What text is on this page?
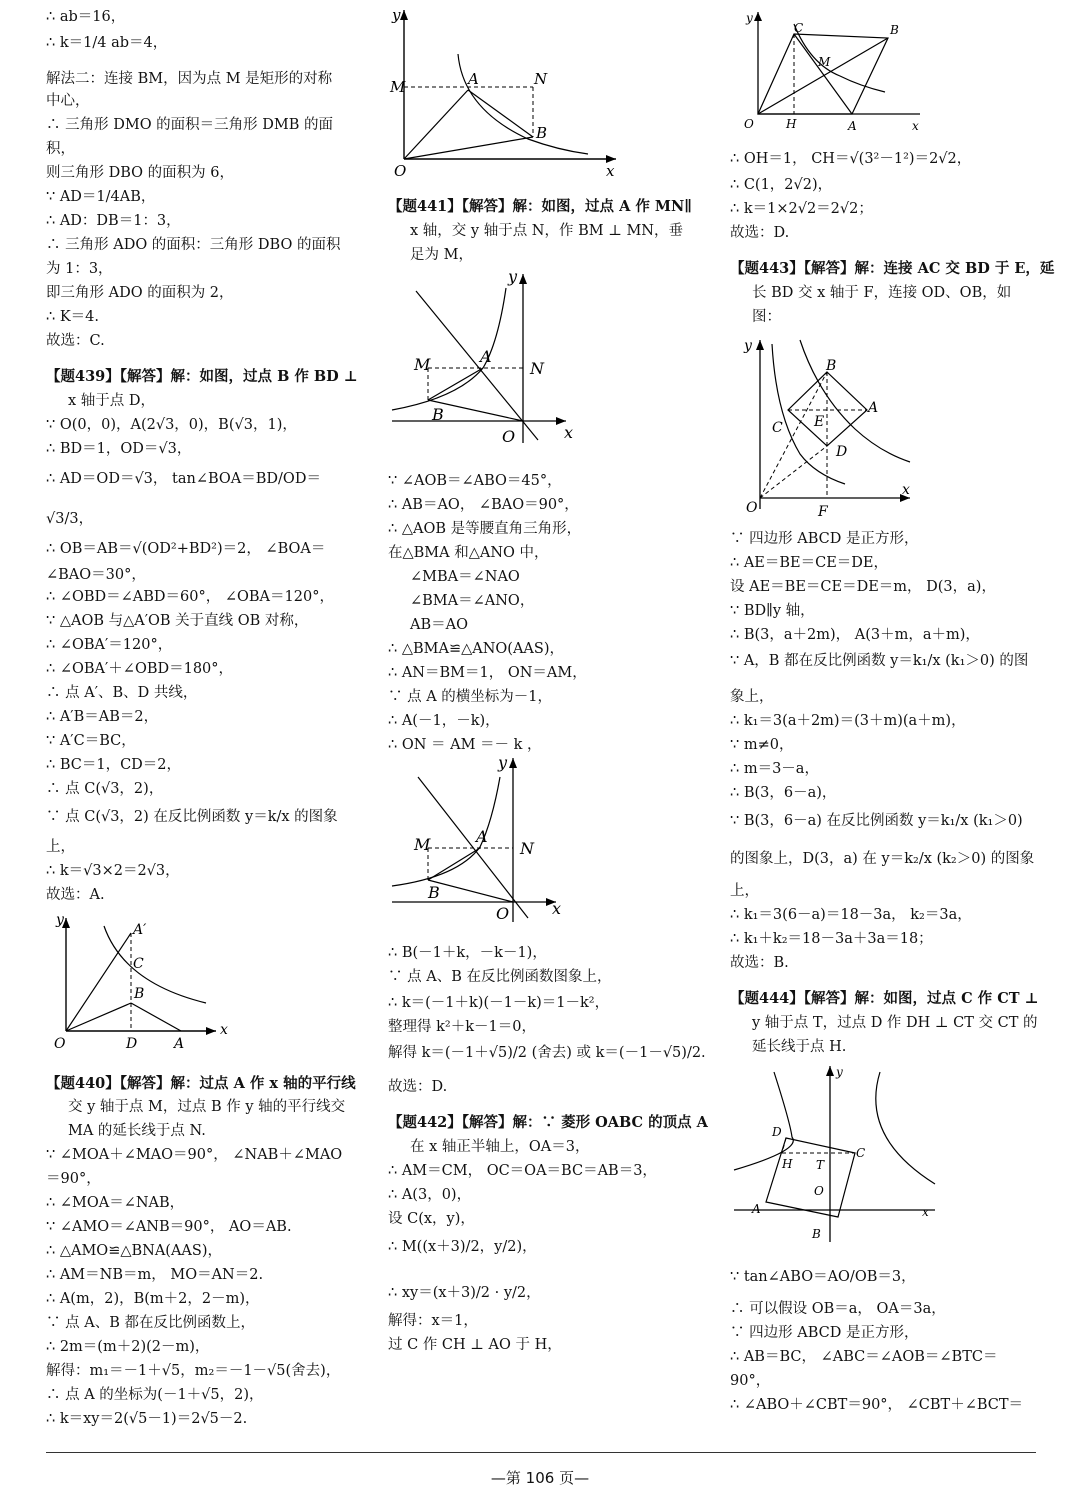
∴ ab＝16，
∴ k＝1/4 ab＝4，
解法二：连接 BM，因为点 M 是矩形的对称
中心，
∴ 三角形 DMO 的面积＝三角形 DMB 的面
积，
则三角形 DBO 的面积为 6，
∵ AD＝1/4AB，
∴ AD：DB＝1：3，
∴ 三角形 ADO 的面积：三角形 DBO 的面积
为 1：3，
即三角形 ADO 的面积为 2，
∴ K＝4.
故选：C.
【题439】【解答】解：如图，过点 B 作 BD ⊥
x 轴于点 D，
∵ O(0，0)，A(2√3，0)，B(√3，1)，
∴ BD＝1，OD＝√3，
∴ AD＝OD＝√3， tan∠BOA＝BD/OD＝
√3/3，
∴ OB＝AB＝√(OD²+BD²)＝2， ∠BOA＝
∠BAO＝30°，
∴ ∠OBD＝∠ABD＝60°， ∠OBA＝120°，
∵ △AOB 与△A′OB 关于直线 OB 对称，
∴ ∠OBA′＝120°，
∴ ∠OBA′＋∠OBD＝180°，
∴ 点 A′、B、D 共线，
∴ A′B＝AB＝2，
∵ A′C＝BC，
∴ BC＝1，CD＝2，
∴ 点 C(√3，2)，
∵ 点 C(√3，2) 在反比例函数 y＝k/x 的图象
上，
∴ k＝√3×2＝2√3，
故选：A.
【题440】【解答】解：过点 A 作 x 轴的平行线
交 y 轴于点 M，过点 B 作 y 轴的平行线交
MA 的延长线于点 N.
∵ ∠MOA＋∠MAO＝90°， ∠NAB＋∠MAO
＝90°，
∴ ∠MOA＝∠NAB，
∵ ∠AMO＝∠ANB＝90°， AO＝AB.
∴ △AMO≌△BNA(AAS)，
∴ AM＝NB＝m， MO＝AN＝2.
∴ A(m，2)，B(m＋2，2－m)，
∵ 点 A、B 都在反比例函数上，
∴ 2m＝(m＋2)(2－m)，
解得：m₁＝－1＋√5，m₂＝－1－√5(舍去)，
∴ 点 A 的坐标为(－1＋√5，2)，
∴ k＝xy＝2(√5－1)＝2√5－2.
【题441】【解答】解：如图，过点 A 作 MN∥
x 轴，交 y 轴于点 N，作 BM ⊥ MN，垂
足为 M，
∵ ∠AOB＝∠ABO＝45°，
∴ AB＝AO， ∠BAO＝90°，
∴ △AOB 是等腰直角三角形，
在△BMA 和△ANO 中，
∠MBA＝∠NAO
∠BMA＝∠ANO，
AB＝AO
∴ △BMA≌△ANO(AAS)，
∴ AN＝BM＝1， ON＝AM，
∵ 点 A 的横坐标为－1，
∴ A(－1，－k)，
∴ ON ＝ AM ＝－ k ，
∴ B(－1＋k，－k－1)，
∵ 点 A、B 在反比例函数图象上，
∴ k＝(－1＋k)(－1－k)＝1－k²，
整理得 k²＋k－1＝0，
解得 k＝(－1＋√5)/2 (舍去) 或 k＝(－1－√5)/2.
故选：D.
【题442】【解答】解：∵ 菱形 OABC 的顶点 A
在 x 轴正半轴上，OA＝3，
∴ AM＝CM， OC＝OA＝BC＝AB＝3，
∴ A(3，0)，
设 C(x，y)，
∴ M((x＋3)/2，y/2)，
∴ xy＝(x＋3)/2 · y/2，
解得：x＝1，
过 C 作 CH ⊥ AO 于 H，
∴ OH＝1， CH＝√(3²－1²)＝2√2，
∴ C(1，2√2)，
∴ k＝1×2√2＝2√2；
故选：D.
【题443】【解答】解：连接 AC 交 BD 于 E，延
长 BD 交 x 轴于 F，连接 OD、OB，如
图：
∵ 四边形 ABCD 是正方形，
∴ AE＝BE＝CE＝DE，
设 AE＝BE＝CE＝DE＝m， D(3，a)，
∵ BD∥y 轴，
∴ B(3，a＋2m)， A(3＋m，a＋m)，
∵ A，B 都在反比例函数 y＝k₁/x (k₁＞0) 的图
象上，
∴ k₁＝3(a＋2m)＝(3＋m)(a＋m)，
∵ m≠0，
∴ m＝3－a，
∴ B(3，6－a)，
∵ B(3，6－a) 在反比例函数 y＝k₁/x (k₁＞0)
的图象上，D(3，a) 在 y＝k₂/x (k₂＞0) 的图象
上，
∴ k₁＝3(6－a)＝18－3a， k₂＝3a，
∴ k₁＋k₂＝18－3a＋3a＝18；
故选：B.
【题444】【解答】解：如图，过点 C 作 CT ⊥
y 轴于点 T，过点 D 作 DH ⊥ CT 交 CT 的
延长线于点 H.
∵ tan∠ABO＝AO/OB＝3，
∴ 可以假设 OB＝a， OA＝3a，
∵ 四边形 ABCD 是正方形，
∴ AB＝BC， ∠ABC＝∠AOB＝∠BTC＝
90°，
∴ ∠ABO＋∠CBT＝90°， ∠CBT＋∠BCT＝
y
A′
C
B
O	D	A
x
y
M	A	N
B
O	x
y
M	A
N
B
O	x
y
M	A
N
B
O	x
y
C	B
M
O	H	A	x
y
B
A
C E
D
O	F
x
y
D
H T
C
O
A
B
x
—第 106 页—
